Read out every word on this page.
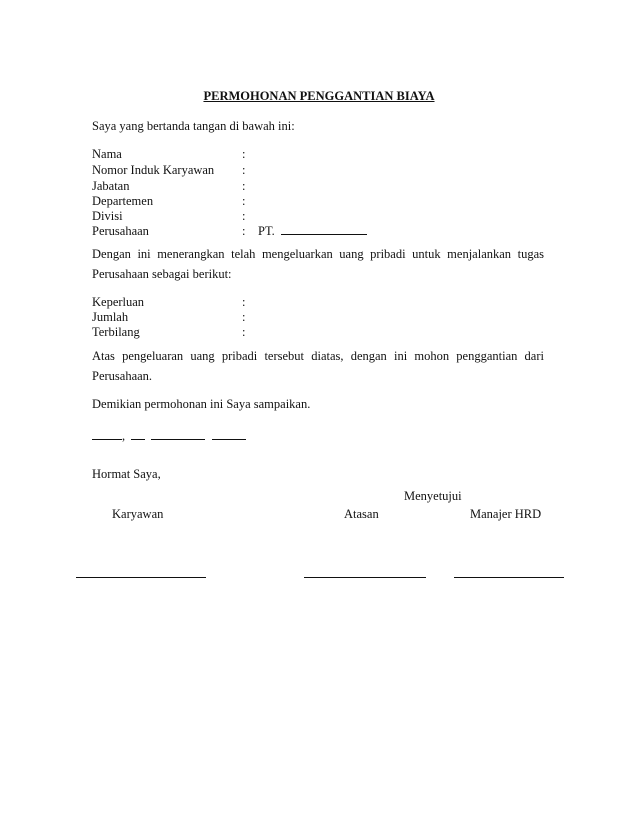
PERMOHONAN PENGGANTIAN BIAYA
Saya yang bertanda tangan di bawah ini:
Nama	:
Nomor Induk Karyawan :
Jabatan	:
Departemen	:
Divisi	:
Perusahaan	: PT.
Dengan ini menerangkan telah mengeluarkan uang pribadi untuk menjalankan tugas Perusahaan sebagai berikut:
Keperluan	:
Jumlah	:
Terbilang	:
Atas pengeluaran uang pribadi tersebut diatas, dengan ini mohon penggantian dari Perusahaan.
Demikian permohonan ini Saya sampaikan.
,
Hormat Saya,
Menyetujui
Karyawan	Atasan	Manajer HRD
